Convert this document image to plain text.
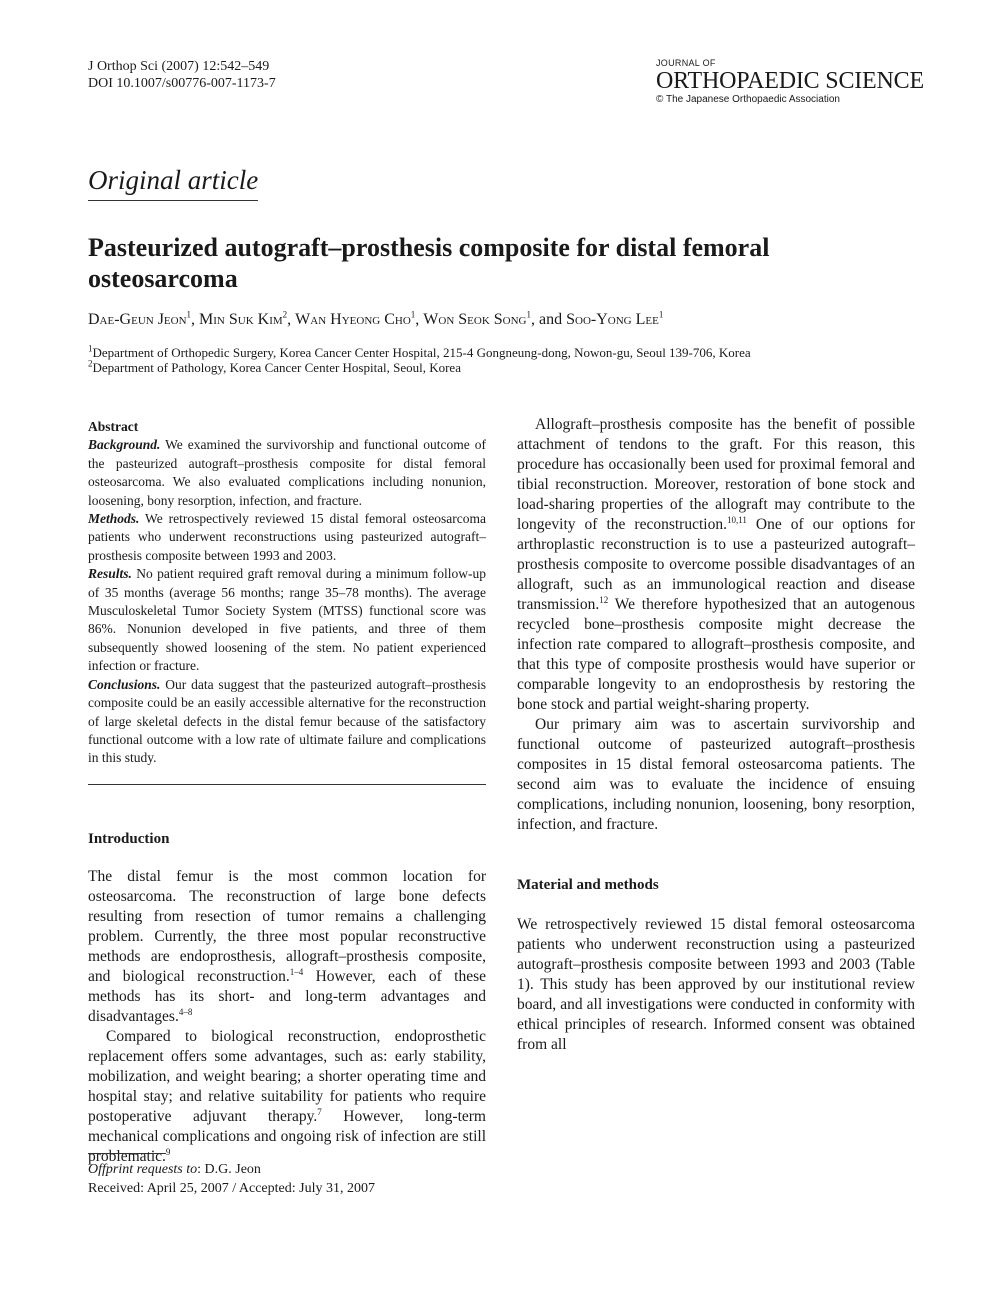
J Orthop Sci (2007) 12:542–549
DOI 10.1007/s00776-007-1173-7
JOURNAL OF
ORTHOPAEDIC SCIENCE
© The Japanese Orthopaedic Association
Original article
Pasteurized autograft–prosthesis composite for distal femoral osteosarcoma
Dae-Geun Jeon$^1$, Min Suk Kim$^2$, Wan Hyeong Cho$^1$, Won Seok Song$^1$, and Soo-Yong Lee$^1$
$^1$Department of Orthopedic Surgery, Korea Cancer Center Hospital, 215-4 Gongneung-dong, Nowon-gu, Seoul 139-706, Korea
$^2$Department of Pathology, Korea Cancer Center Hospital, Seoul, Korea
Abstract

Background. We examined the survivorship and functional outcome of the pasteurized autograft–prosthesis composite for distal femoral osteosarcoma. We also evaluated complications including nonunion, loosening, bony resorption, infection, and fracture.

Methods. We retrospectively reviewed 15 distal femoral osteosarcoma patients who underwent reconstructions using pasteurized autograft–prosthesis composite between 1993 and 2003.

Results. No patient required graft removal during a minimum follow-up of 35 months (average 56 months; range 35–78 months). The average Musculoskeletal Tumor Society System (MTSS) functional score was 86%. Nonunion developed in five patients, and three of them subsequently showed loosening of the stem. No patient experienced infection or fracture.

Conclusions. Our data suggest that the pasteurized autograft–prosthesis composite could be an easily accessible alternative for the reconstruction of large skeletal defects in the distal femur because of the satisfactory functional outcome with a low rate of ultimate failure and complications in this study.

Introduction

The distal femur is the most common location for osteosarcoma. The reconstruction of large bone defects resulting from resection of tumor remains a challenging problem. Currently, the three most popular reconstructive methods are endoprosthesis, allograft–prosthesis composite, and biological reconstruction.$^{1-4}$ However, each of these methods has its short- and long-term advantages and disadvantages.$^{4-8}$

Compared to biological reconstruction, endoprosthetic replacement offers some advantages, such as: early stability, mobilization, and weight bearing; a shorter operating time and hospital stay; and relative suitability for patients who require postoperative adjuvant therapy.$^7$ However, long-term mechanical complications and ongoing risk of infection are still problematic.$^9$

Allograft–prosthesis composite has the benefit of possible attachment of tendons to the graft. For this reason, this procedure has occasionally been used for proximal femoral and tibial reconstruction. Moreover, restoration of bone stock and load-sharing properties of the allograft may contribute to the longevity of the reconstruction.$^{10,11}$ One of our options for arthroplastic reconstruction is to use a pasteurized autograft–prosthesis composite to overcome possible disadvantages of an allograft, such as an immunological reaction and disease transmission.$^{12}$ We therefore hypothesized that an autogenous recycled bone–prosthesis composite might decrease the infection rate compared to allograft–prosthesis composite, and that this type of composite prosthesis would have superior or comparable longevity to an endoprosthesis by restoring the bone stock and partial weight-sharing property.

Our primary aim was to ascertain survivorship and functional outcome of pasteurized autograft–prosthesis composites in 15 distal femoral osteosarcoma patients. The second aim was to evaluate the incidence of ensuing complications, including nonunion, loosening, bony resorption, infection, and fracture.

Material and methods

We retrospectively reviewed 15 distal femoral osteosarcoma patients who underwent reconstruction using a pasteurized autograft–prosthesis composite between 1993 and 2003 (Table 1). This study has been approved by our institutional review board, and all investigations were conducted in conformity with ethical principles of research. Informed consent was obtained from all

Offprint requests to: D.G. Jeon
Received: April 25, 2007 / Accepted: July 31, 2007
